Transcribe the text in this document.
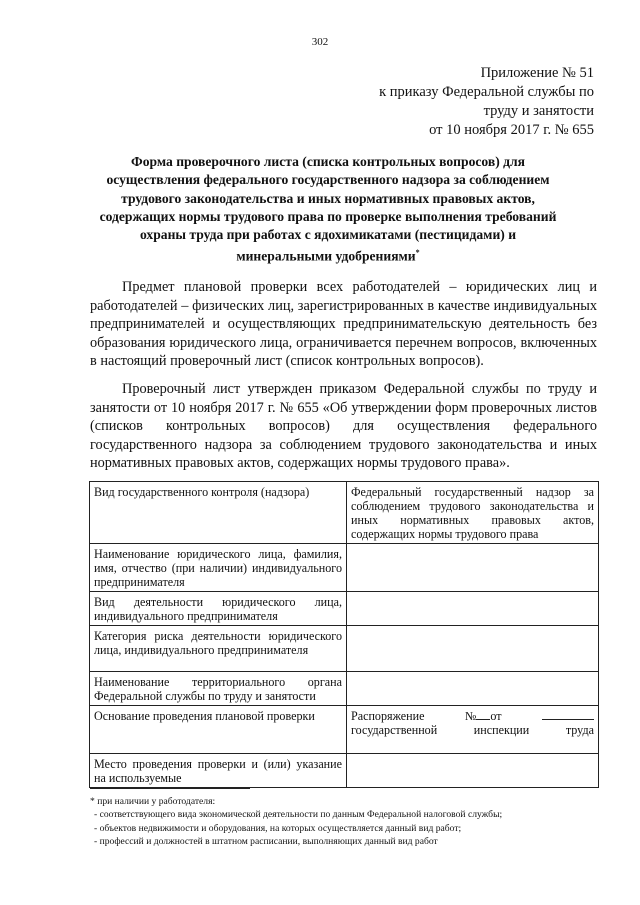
302
Приложение № 51
к приказу Федеральной службы по
труду и занятости
от 10 ноября 2017 г. № 655
Форма проверочного листа (списка контрольных вопросов) для осуществления федерального государственного надзора за соблюдением трудового законодательства и иных нормативных правовых актов, содержащих нормы трудового права по проверке выполнения требований охраны труда при работах с ядохимикатами (пестицидами) и минеральными удобрениями*

Предмет плановой проверки всех работодателей – юридических лиц и работодателей – физических лиц, зарегистрированных в качестве индивидуальных предпринимателей и осуществляющих предпринимательскую деятельность без образования юридического лица, ограничивается перечнем вопросов, включенных в настоящий проверочный лист (список контрольных вопросов).

Проверочный лист утвержден приказом Федеральной службы по труду и занятости от 10 ноября 2017 г. № 655 «Об утверждении форм проверочных листов (списков контрольных вопросов) для осуществления федерального государственного надзора за соблюдением трудового законодательства и иных нормативных правовых актов, содержащих нормы трудового права».

Вид государственного контроля (надзора)	Федеральный государственный надзор за соблюдением трудового законодательства и иных нормативных правовых актов, содержащих нормы трудового права
Наименование юридического лица, фамилия, имя, отчество (при наличии) индивидуального предпринимателя	
Вид деятельности юридического лица, индивидуального предпринимателя	
Категория риска деятельности юридического лица, индивидуального предпринимателя	
Наименование территориального органа Федеральной службы по труду и занятости	
Основание проведения плановой проверки	Распоряжение № от
государственной инспекции труда

Место проведения проверки и (или) указание на используемые	
* при наличии у работодателя:
- соответствующего вида экономической деятельности по данным Федеральной налоговой службы;
- объектов недвижимости и оборудования, на которых осуществляется данный вид работ;
- профессий и должностей в штатном расписании, выполняющих данный вид работ
